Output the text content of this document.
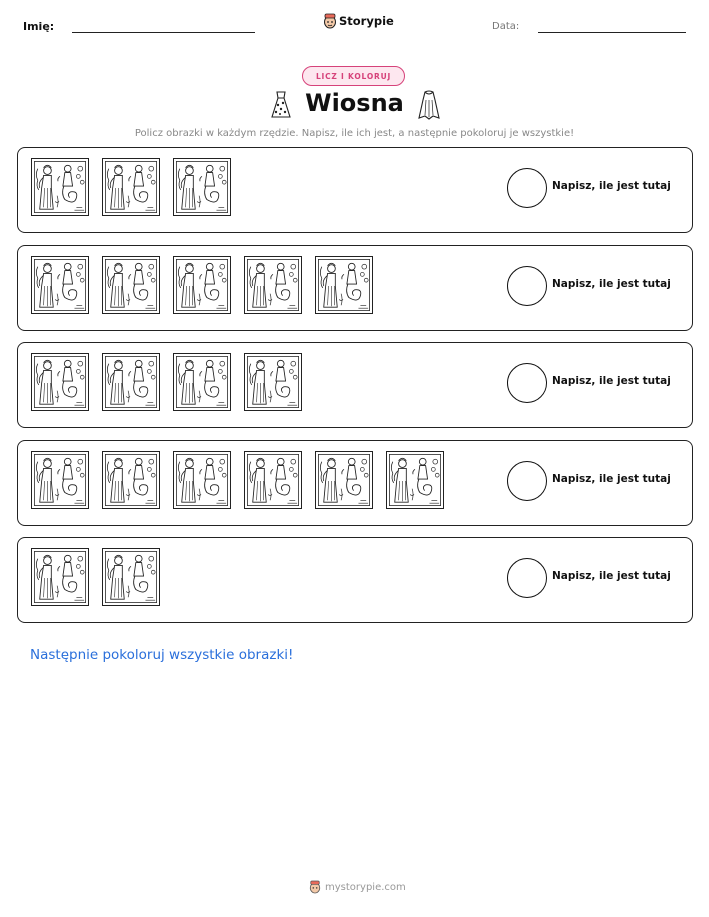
Imię:	Storypie	Data:
LICZ I KOLORUJ
Wiosna
Policz obrazki w każdym rzędzie. Napisz, ile ich jest, a następnie pokoloruj je wszystkie!
Napisz, ile jest tutaj
Napisz, ile jest tutaj
Napisz, ile jest tutaj
Napisz, ile jest tutaj
Napisz, ile jest tutaj
Następnie pokoloruj wszystkie obrazki!
mystorypie.com
